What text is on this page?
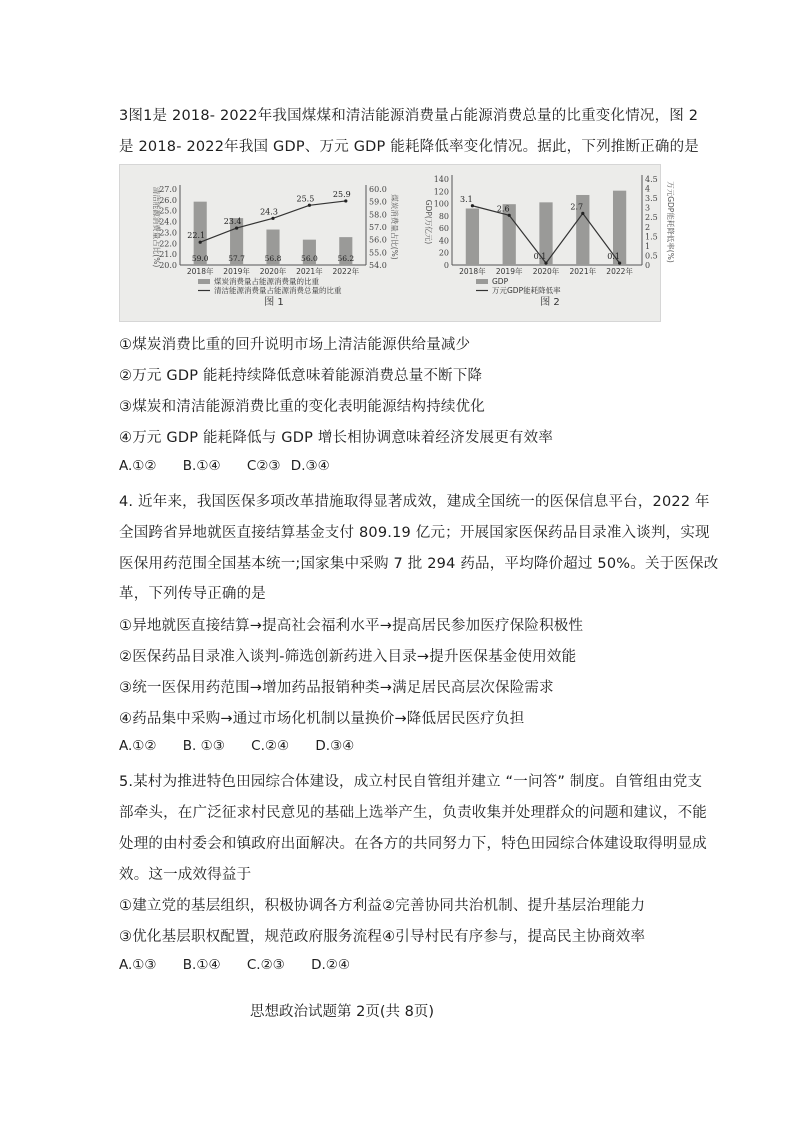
3图1是 2018- 2022年我国煤煤和清洁能源消费量占能源消费总量的比重变化情况，图 2
是 2018- 2022年我国 GDP、万元 GDP 能耗降低率变化情况。据此，下列推断正确的是
20.0
21.0
22.0
23.0
24.0
25.0
26.0
27.0
54.0
55.0
56.0
57.0
58.0
59.0
60.0
清洁能源消费量占比(%)	煤炭消费量占比(%)
59.0	57.7	56.8	56.0	56.2
22.1
23.4
24.3
25.5 25.9
2018年 2019年 2020年 2021年 2022年
煤炭消费量占能源消费量的比重
清洁能源消费量占能源消费总量的比重
图 1
0
20
40
60
80
100
120
140
0
0.5
1
1.5
2
2.5
3
3.5
4
4.5
GDP(万亿元)	万元GDP能耗降低率(%)
3.1
2.6
0.1
2.7
0.1
2018年 2019年 2020年 2021年 2022年
GDP
万元GDP能耗降低率
图 2
①煤炭消费比重的回升说明市场上清洁能源供给量减少
②万元 GDP 能耗持续降低意味着能源消费总量不断下降
③煤炭和清洁能源消费比重的变化表明能源结构持续优化
④万元 GDP 能耗降低与 GDP 增长相协调意味着经济发展更有效率
A.①② B.①④ C②③ D.③④
4. 近年来，我国医保多项改革措施取得显著成效，建成全国统一的医保信息平台，2022 年
全国跨省异地就医直接结算基金支付 809.19 亿元；开展国家医保药品目录准入谈判，实现
医保用药范围全国基本统一;国家集中采购 7 批 294 药品，平均降价超过 50%。关于医保改
革，下列传导正确的是
①异地就医直接结算→提高社会福利水平→提高居民参加医疗保险积极性
②医保药品目录准入谈判-筛选创新药进入目录→提升医保基金使用效能
③统一医保用药范围→增加药品报销种类→满足居民高层次保险需求
④药品集中采购→通过市场化机制以量换价→降低居民医疗负担
A.①② B. ①③ C.②④ D.③④
5.某村为推进特色田园综合体建设，成立村民自管组并建立 “一问答” 制度。自管组由党支
部牵头，在广泛征求村民意见的基础上选举产生，负责收集并处理群众的问题和建议，不能
处理的由村委会和镇政府出面解决。在各方的共同努力下，特色田园综合体建设取得明显成
效。这一成效得益于
①建立党的基层组织，积极协调各方利益②完善协同共治机制、提升基层治理能力
③优化基层职权配置，规范政府服务流程④引导村民有序参与，提高民主协商效率
A.①③ B.①④ C.②③ D.②④
思想政治试题第 2页(共 8页)
